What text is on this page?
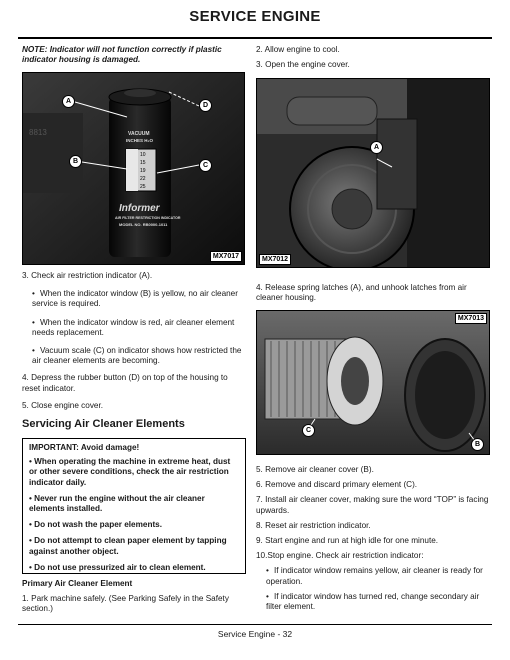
SERVICE ENGINE

NOTE: Indicator will not function correctly if plastic indicator housing is damaged.

8813
10
15
19
22
25
VACUUM
INCHES H₂O
Informer
AIR FILTER RESTRICTION INDICATOR
MODEL NO. RB0000-1011
A
B
C
D
MX7017

3. Check air restriction indicator (A).

• When the indicator window (B) is yellow, no air cleaner service is required.

• When the indicator window is red, air cleaner element needs replacement.

• Vacuum scale (C) on indicator shows how restricted the air cleaner elements are becoming.

4. Depress the rubber button (D) on top of the housing to reset indicator.

5. Close engine cover.

Servicing Air Cleaner Elements
IMPORTANT: Avoid damage!

• When operating the machine in extreme heat, dust or other severe conditions, check the air restriction indicator daily.

• Never run the engine without the air cleaner elements installed.

• Do not wash the paper elements.

• Do not attempt to clean paper element by tapping against another object.

• Do not use pressurized air to clean element.

Primary Air Cleaner Element

1. Park machine safely. (See Parking Safely in the Safety section.)

2. Allow engine to cool.

3. Open the engine cover.

A
MX7012

4. Release spring latches (A), and unhook latches from air cleaner housing.

C
B
MX7013

5. Remove air cleaner cover (B).

6. Remove and discard primary element (C).

7. Install air cleaner cover, making sure the word “TOP” is facing upwards.

8. Reset air restriction indicator.

9. Start engine and run at high idle for one minute.

10.Stop engine. Check air restriction indicator:

• If indicator window remains yellow, air cleaner is ready for operation.

• If indicator window has turned red, change secondary air filter element.

Service Engine - 32
